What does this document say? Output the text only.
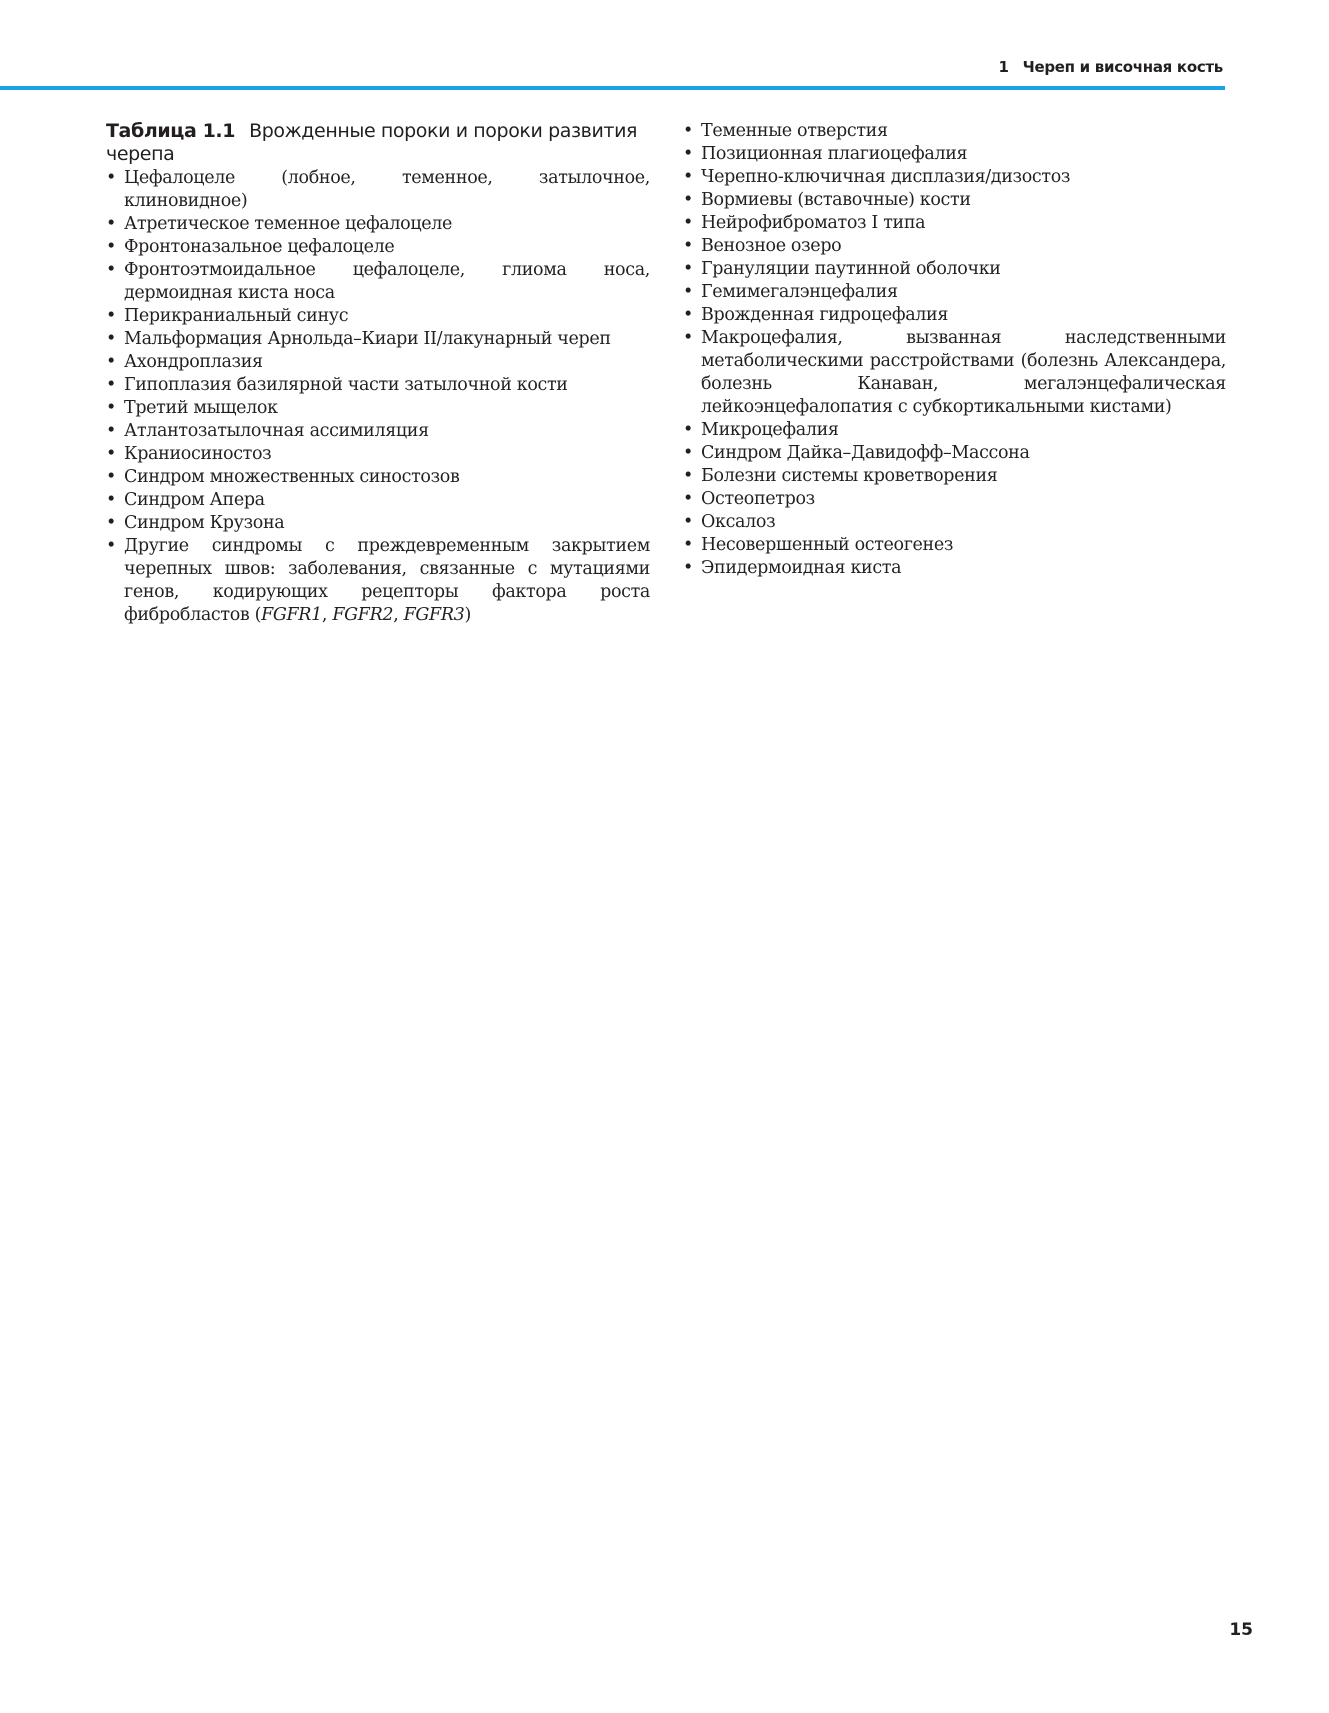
1 Череп и височная кость
Таблица 1.1 Врожденные пороки и пороки развития черепа
• Цефалоцеле (лобное, теменное, затылочное, клиновидное)
• Атретическое теменное цефалоцеле
• Фронтоназальное цефалоцеле
• Фронтоэтмоидальное цефалоцеле, глиома носа, дермоидная киста носа
• Перикраниальный синус
• Мальформация Арнольда–Киари II/лакунарный череп
• Ахондроплазия
• Гипоплазия базилярной части затылочной кости
• Третий мыщелок
• Атлантозатылочная ассимиляция
• Краниосиностоз
• Синдром множественных синостозов
• Синдром Апера
• Синдром Крузона
• Другие синдромы с преждевременным закрытием черепных швов: заболевания, связанные с мутациями генов, кодирующих рецепторы фактора роста фибробластов (FGFR1, FGFR2, FGFR3)
• Теменные отверстия
• Позиционная плагиоцефалия
• Черепно-ключичная дисплазия/дизостоз
• Вормиевы (вставочные) кости
• Нейрофиброматоз I типа
• Венозное озеро
• Грануляции паутинной оболочки
• Гемимегалэнцефалия
• Врожденная гидроцефалия
• Макроцефалия, вызванная наследственными метаболическими расстройствами (болезнь Александера, болезнь Канаван, мегалэнцефалическая лейкоэнцефалопатия с субкортикальными кистами)
• Микроцефалия
• Синдром Дайка–Давидофф–Массона
• Болезни системы кроветворения
• Остеопетроз
• Оксалоз
• Несовершенный остеогенез
• Эпидермоидная киста
15
